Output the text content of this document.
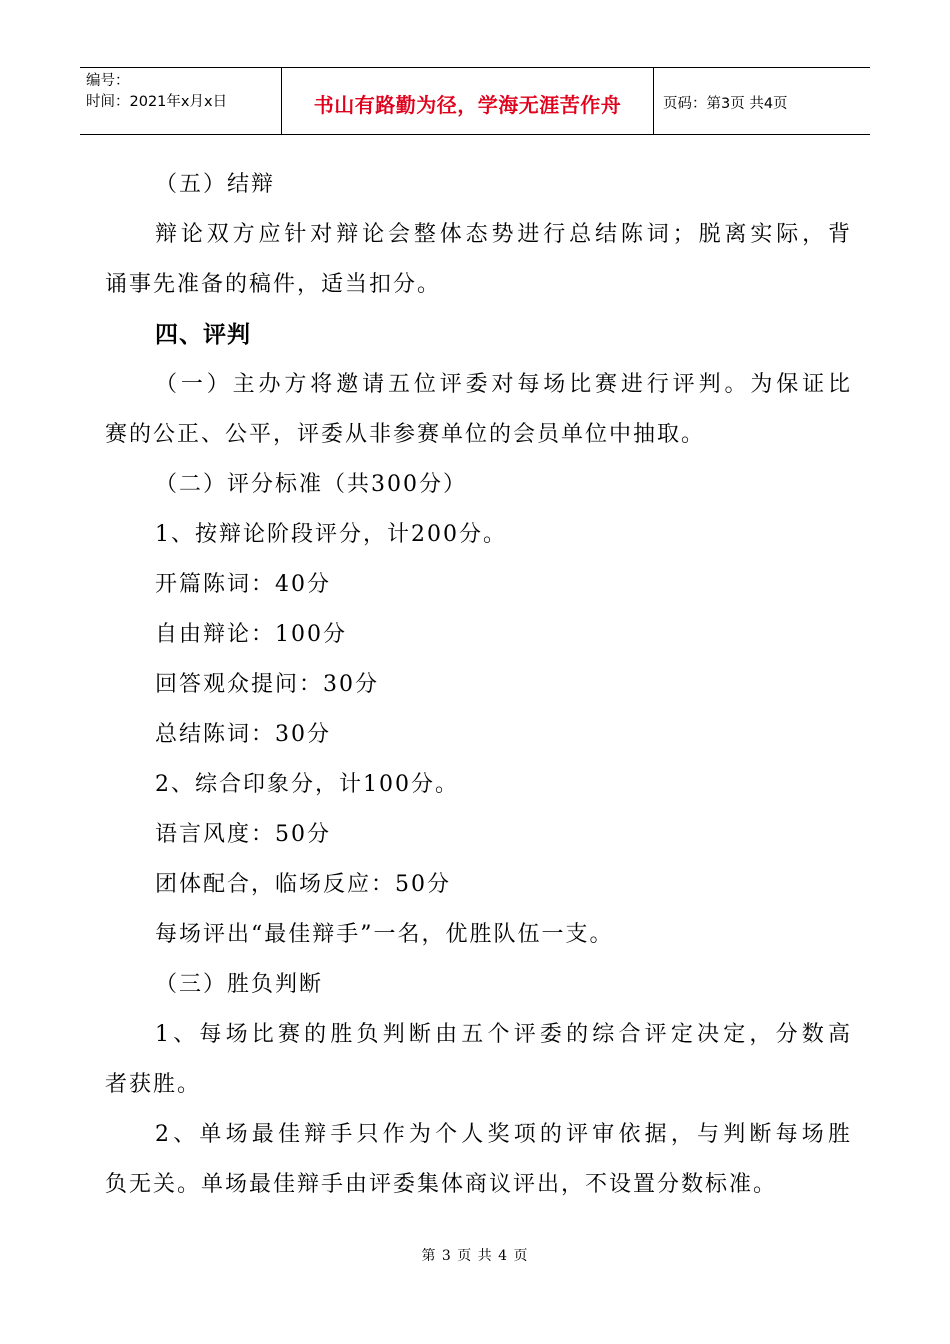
编号：
时间：2021年x月x日	书山有路勤为径，学海无涯苦作舟	页码：第3页 共4页
（五）结辩
辩论双方应针对辩论会整体态势进行总结陈词；脱离实际，背
诵事先准备的稿件，适当扣分。
四、评判
（一）主办方将邀请五位评委对每场比赛进行评判。为保证比
赛的公正、公平，评委从非参赛单位的会员单位中抽取。
（二）评分标准（共300分）
1、按辩论阶段评分，计200分。
开篇陈词：40分
自由辩论：100分
回答观众提问：30分
总结陈词：30分
2、综合印象分，计100分。
语言风度：50分
团体配合，临场反应：50分
每场评出“最佳辩手”一名，优胜队伍一支。
（三）胜负判断
1、每场比赛的胜负判断由五个评委的综合评定决定，分数高
者获胜。
2、单场最佳辩手只作为个人奖项的评审依据，与判断每场胜
负无关。单场最佳辩手由评委集体商议评出，不设置分数标准。
第 3 页 共 4 页
